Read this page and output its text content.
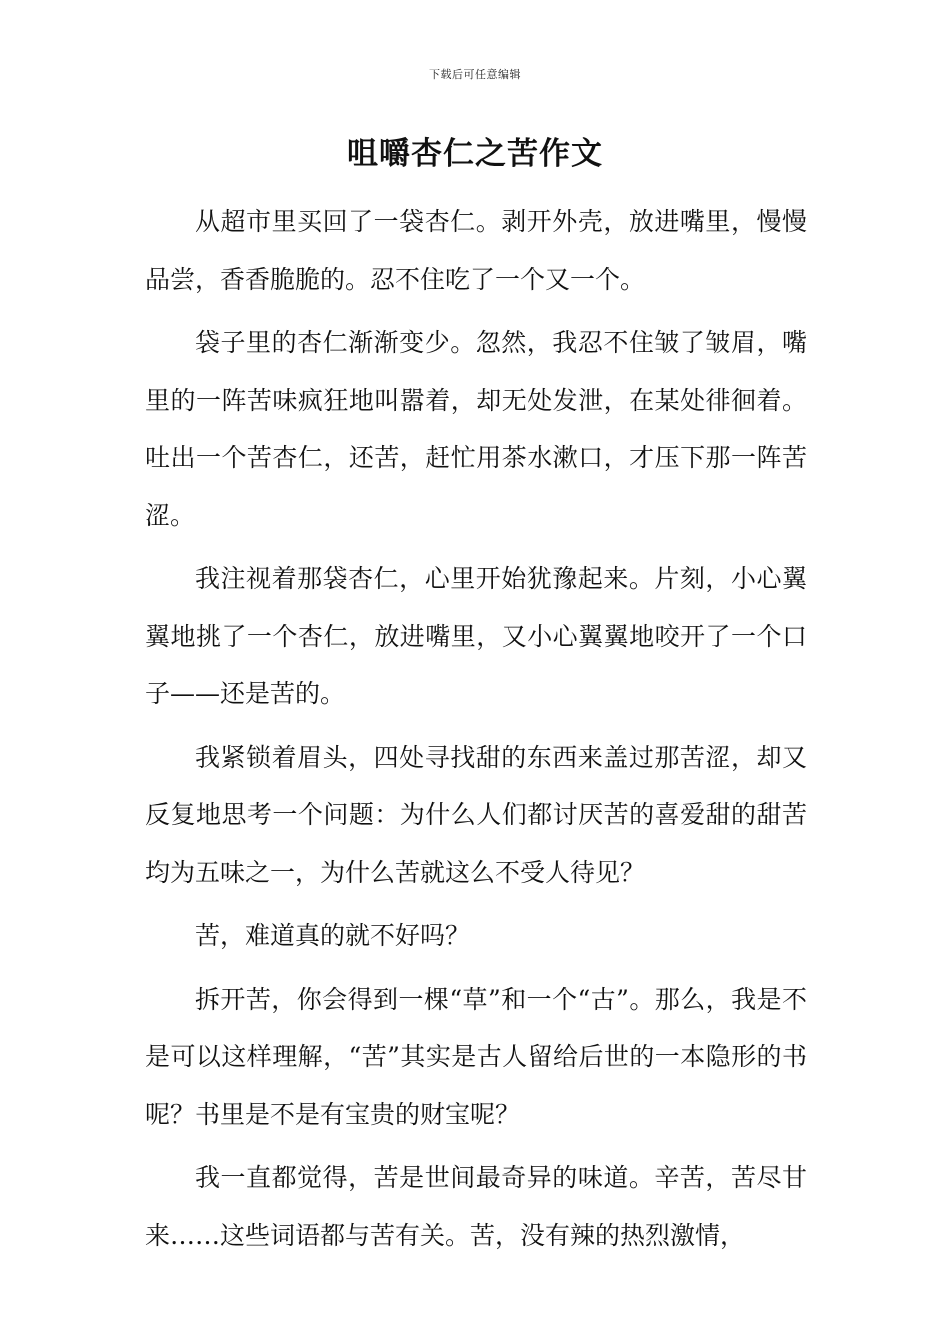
下载后可任意编辑
咀嚼杏仁之苦作文

从超市里买回了一袋杏仁。剥开外壳，放进嘴里，慢慢品尝，香香脆脆的。忍不住吃了一个又一个。

袋子里的杏仁渐渐变少。忽然，我忍不住皱了皱眉，嘴里的一阵苦味疯狂地叫嚣着，却无处发泄，在某处徘徊着。吐出一个苦杏仁，还苦，赶忙用茶水漱口，才压下那一阵苦涩。

我注视着那袋杏仁，心里开始犹豫起来。片刻，小心翼翼地挑了一个杏仁，放进嘴里，又小心翼翼地咬开了一个口子——还是苦的。

我紧锁着眉头，四处寻找甜的东西来盖过那苦涩，却又反复地思考一个问题：为什么人们都讨厌苦的喜爱甜的甜苦均为五味之一，为什么苦就这么不受人待见？

苦，难道真的就不好吗？

拆开苦，你会得到一棵“草”和一个“古”。那么，我是不是可以这样理解，“苦”其实是古人留给后世的一本隐形的书呢？书里是不是有宝贵的财宝呢？

我一直都觉得，苦是世间最奇异的味道。辛苦，苦尽甘来……这些词语都与苦有关。苦，没有辣的热烈激情，
